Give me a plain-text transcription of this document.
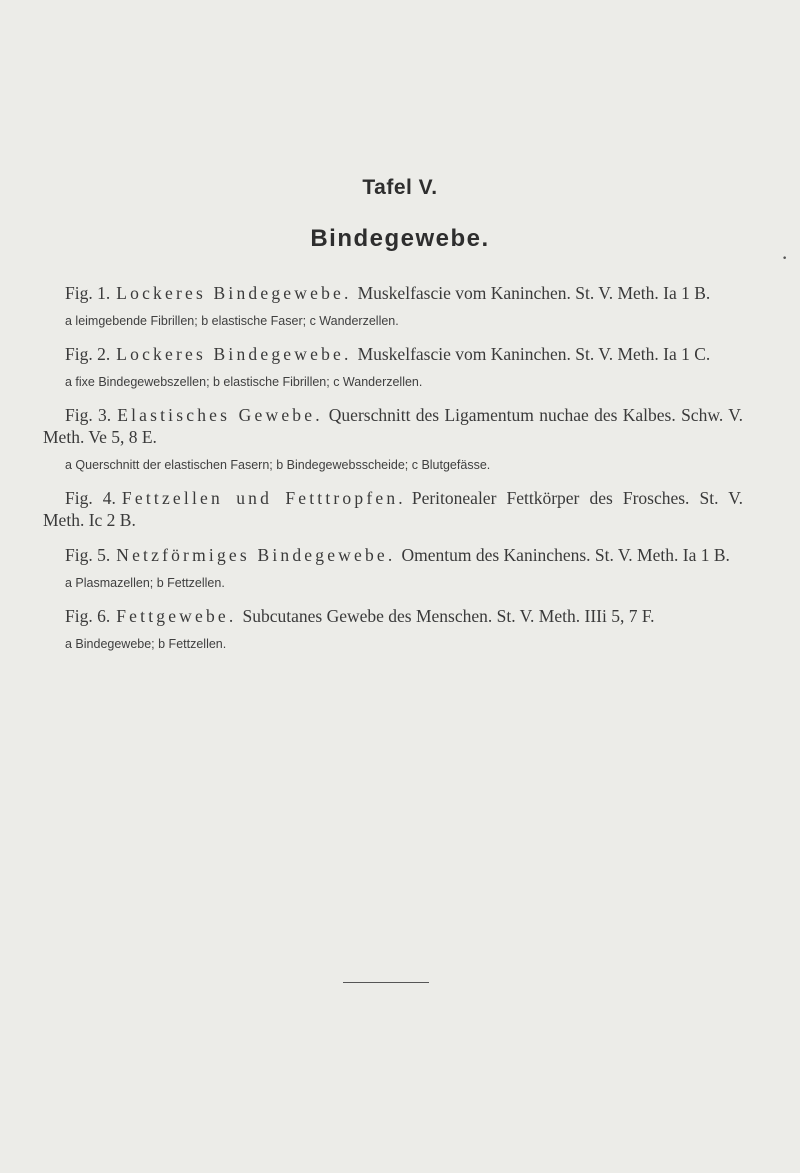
Tafel V.
Bindegewebe.
Fig. 1. Lockeres Bindegewebe. Muskelfascie vom Kaninchen. St. V. Meth. Ia 1 B.
a leimgebende Fibrillen; b elastische Faser; c Wanderzellen.
Fig. 2. Lockeres Bindegewebe. Muskelfascie vom Kaninchen. St. V. Meth. Ia 1 C.
a fixe Bindegewebszellen; b elastische Fibrillen; c Wanderzellen.
Fig. 3. Elastisches Gewebe. Querschnitt des Ligamentum nuchae des Kalbes. Schw. V. Meth. Ve 5, 8 E.
a Querschnitt der elastischen Fasern; b Bindegewebsscheide; c Blutgefässe.
Fig. 4. Fettzellen und Fetttropfen. Peritonealer Fettkörper des Frosches. St. V. Meth. Ic 2 B.
Fig. 5. Netzförmiges Bindegewebe. Omentum des Kaninchens. St. V. Meth. Ia 1 B.
a Plasmazellen; b Fettzellen.
Fig. 6. Fettgewebe. Subcutanes Gewebe des Menschen. St. V. Meth. IIIi 5, 7 F.
a Bindegewebe; b Fettzellen.
•
